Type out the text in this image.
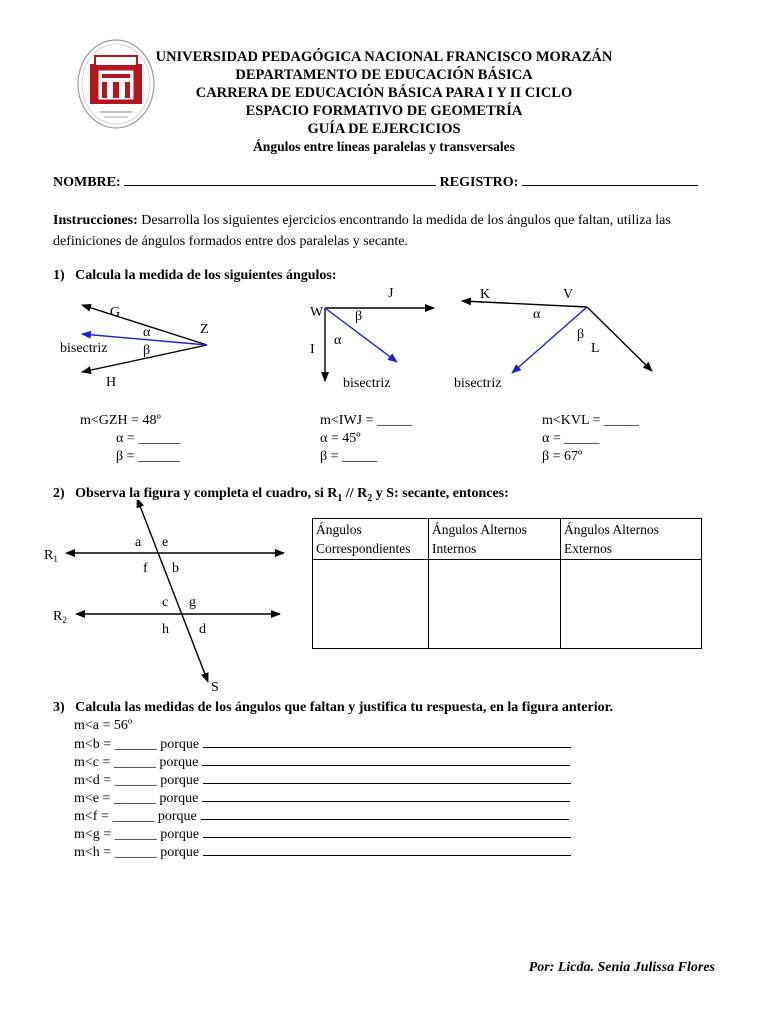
UNIVERSIDAD PEDAGÓGICA NACIONAL FRANCISCO MORAZÁN
DEPARTAMENTO DE EDUCACIÓN BÁSICA
CARRERA DE EDUCACIÓN BÁSICA PARA I Y II CICLO
ESPACIO FORMATIVO DE GEOMETRÍA
GUÍA DE EJERCICIOS
Ángulos entre líneas paralelas y transversales
NOMBRE:	REGISTRO:
Instrucciones: Desarrolla los siguientes ejercicios encontrando la medida de los ángulos que faltan, utiliza las definiciones de ángulos formados entre dos paralelas y secante.
1) Calcula la medida de los siguientes ángulos:
G
Z
H
α
β
bisectriz
W
J
I
α
β
bisectriz
K	V
L
α
β
bisectriz
m<GZH = 48º
α = ______
β = ______
m<IWJ = _____
α = 45º
β = _____
m<KVL = _____
α = _____
β = 67º
2) Observa la figura y completa el cuadro, si $R_1 // R_2$ y S: secante, entonces:
$R_1$
$R_2$
S
a e
f b
c g
h d
Ángulos Correspondientes	Ángulos Alternos Internos	Ángulos Alternos Externos

3) Calcula las medidas de los ángulos que faltan y justifica tu respuesta, en la figura anterior.
m<a = 56º
m<b = ______ porque
m<c = ______ porque
m<d = ______ porque
m<e = ______ porque
m<f = ______ porque
m<g = ______ porque
m<h = ______ porque
Por: Licda. Senia Julissa Flores
